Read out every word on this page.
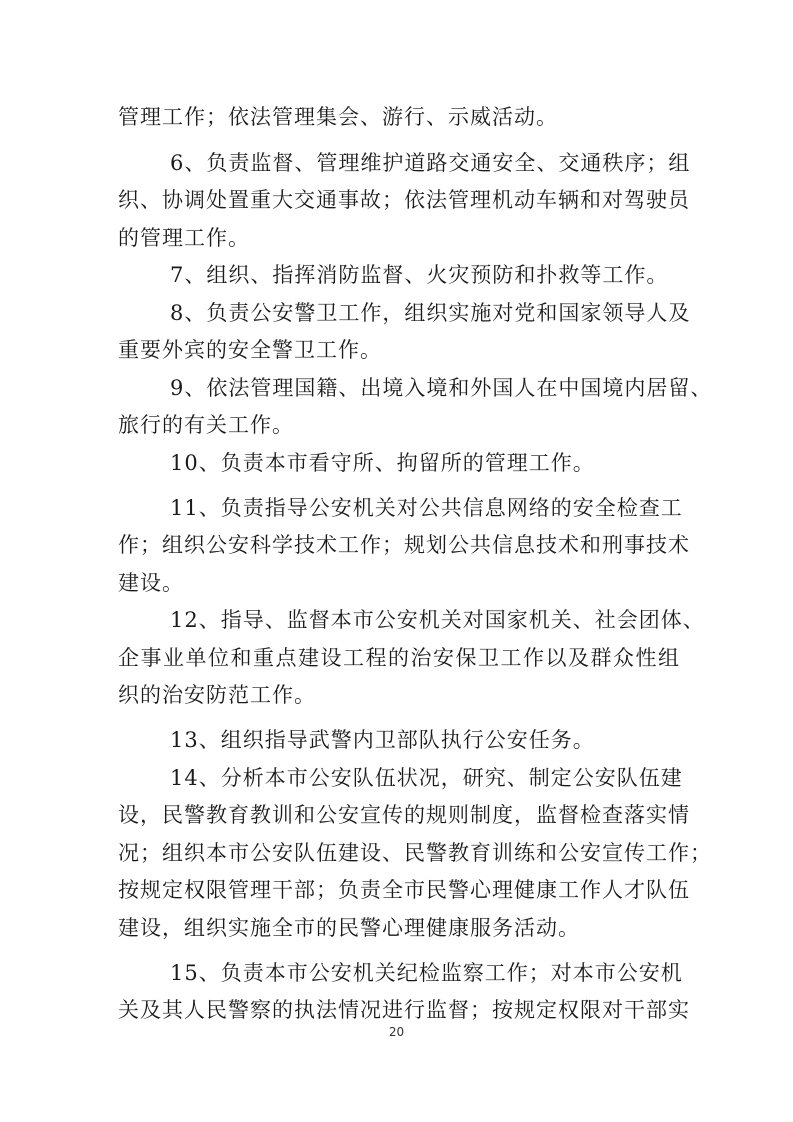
管理工作；依法管理集会、游行、示威活动。
6、负责监督、管理维护道路交通安全、交通秩序；组
织、协调处置重大交通事故；依法管理机动车辆和对驾驶员
的管理工作。
7、组织、指挥消防监督、火灾预防和扑救等工作。
8、负责公安警卫工作，组织实施对党和国家领导人及
重要外宾的安全警卫工作。
9、依法管理国籍、出境入境和外国人在中国境内居留、
旅行的有关工作。
10、负责本市看守所、拘留所的管理工作。
11、负责指导公安机关对公共信息网络的安全检查工
作；组织公安科学技术工作；规划公共信息技术和刑事技术
建设。
12、指导、监督本市公安机关对国家机关、社会团体、
企事业单位和重点建设工程的治安保卫工作以及群众性组
织的治安防范工作。
13、组织指导武警内卫部队执行公安任务。
14、分析本市公安队伍状况，研究、制定公安队伍建
设，民警教育教训和公安宣传的规则制度，监督检查落实情
况；组织本市公安队伍建设、民警教育训练和公安宣传工作；
按规定权限管理干部；负责全市民警心理健康工作人才队伍
建设，组织实施全市的民警心理健康服务活动。
15、负责本市公安机关纪检监察工作；对本市公安机
关及其人民警察的执法情况进行监督；按规定权限对干部实
20
